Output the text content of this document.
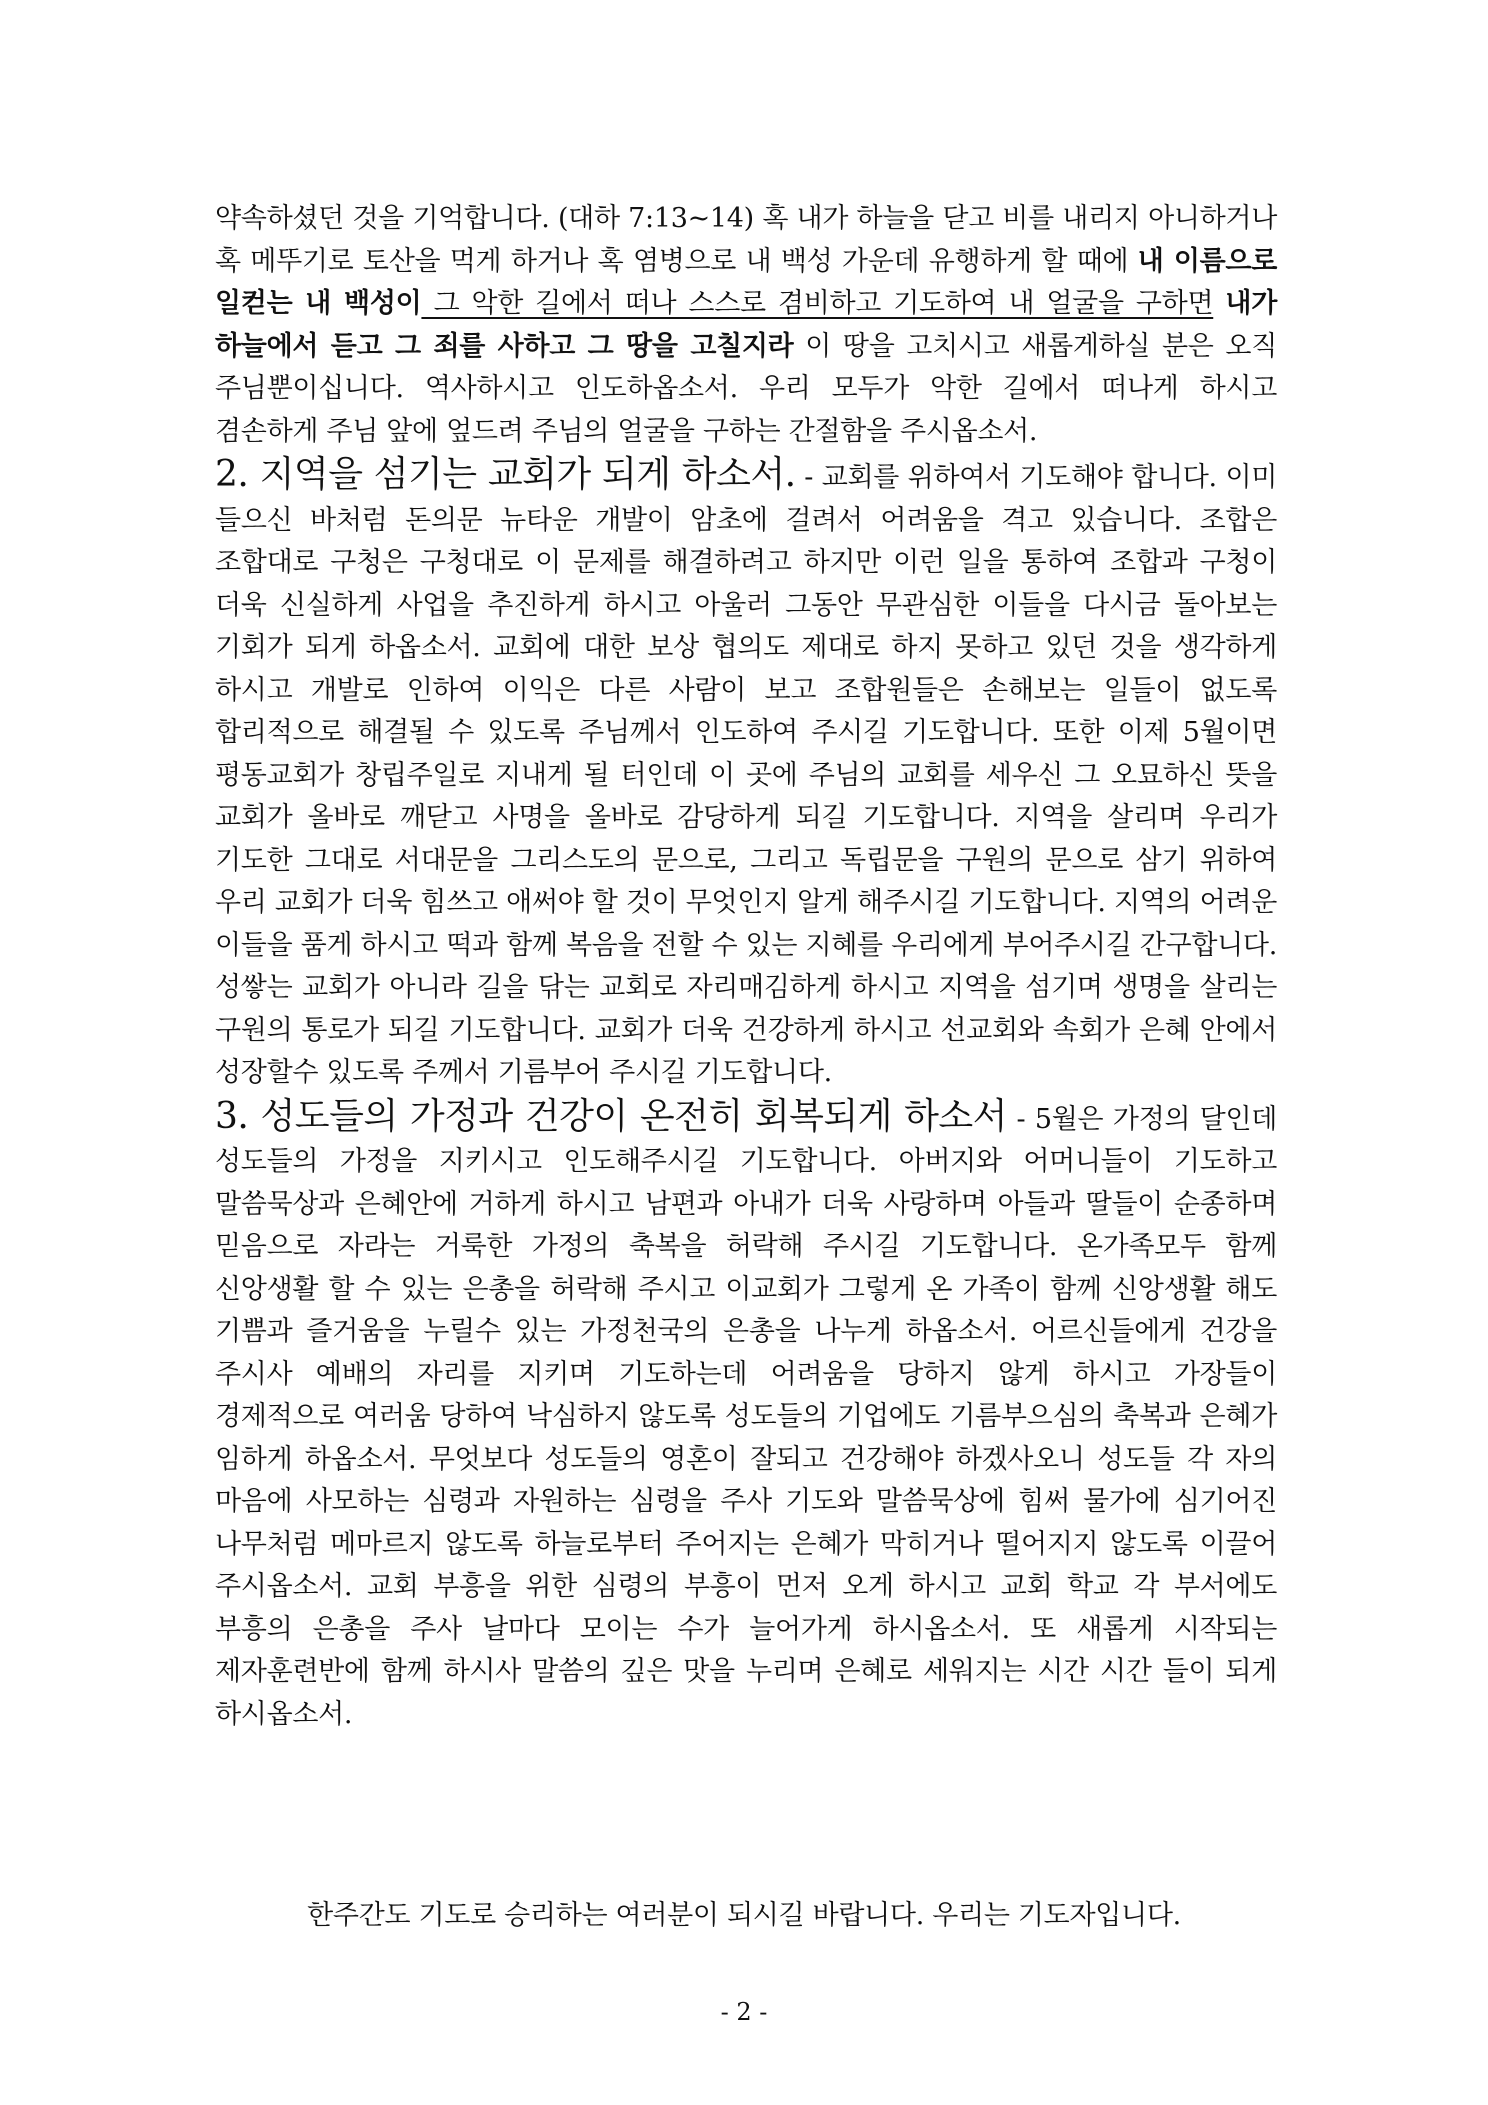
약속하셨던 것을 기억합니다. (대하 7:13~14) 혹 내가 하늘을 닫고 비를 내리지 아니하거나 혹 메뚜기로 토산을 먹게 하거나 혹 염병으로 내 백성 가운데 유행하게 할 때에 내 이름으로 일컫는 내 백성이 그 악한 길에서 떠나 스스로 겸비하고 기도하여 내 얼굴을 구하면 내가 하늘에서 듣고 그 죄를 사하고 그 땅을 고칠지라 이 땅을 고치시고 새롭게하실 분은 오직 주님뿐이십니다. 역사하시고 인도하옵소서. 우리 모두가 악한 길에서 떠나게 하시고 겸손하게 주님 앞에 엎드려 주님의 얼굴을 구하는 간절함을 주시옵소서.

2. 지역을 섬기는 교회가 되게 하소서. - 교회를 위하여서 기도해야 합니다. 이미 들으신 바처럼 돈의문 뉴타운 개발이 암초에 걸려서 어려움을 격고 있습니다. 조합은 조합대로 구청은 구청대로 이 문제를 해결하려고 하지만 이런 일을 통하여 조합과 구청이 더욱 신실하게 사업을 추진하게 하시고 아울러 그동안 무관심한 이들을 다시금 돌아보는 기회가 되게 하옵소서. 교회에 대한 보상 협의도 제대로 하지 못하고 있던 것을 생각하게 하시고 개발로 인하여 이익은 다른 사람이 보고 조합원들은 손해보는 일들이 없도록 합리적으로 해결될 수 있도록 주님께서 인도하여 주시길 기도합니다. 또한 이제 5월이면 평동교회가 창립주일로 지내게 될 터인데 이 곳에 주님의 교회를 세우신 그 오묘하신 뜻을 교회가 올바로 깨닫고 사명을 올바로 감당하게 되길 기도합니다. 지역을 살리며 우리가 기도한 그대로 서대문을 그리스도의 문으로, 그리고 독립문을 구원의 문으로 삼기 위하여 우리 교회가 더욱 힘쓰고 애써야 할 것이 무엇인지 알게 해주시길 기도합니다. 지역의 어려운 이들을 품게 하시고 떡과 함께 복음을 전할 수 있는 지혜를 우리에게 부어주시길 간구합니다. 성쌓는 교회가 아니라 길을 닦는 교회로 자리매김하게 하시고 지역을 섬기며 생명을 살리는 구원의 통로가 되길 기도합니다. 교회가 더욱 건강하게 하시고 선교회와 속회가 은혜 안에서 성장할수 있도록 주께서 기름부어 주시길 기도합니다.

3. 성도들의 가정과 건강이 온전히 회복되게 하소서 - 5월은 가정의 달인데 성도들의 가정을 지키시고 인도해주시길 기도합니다. 아버지와 어머니들이 기도하고 말씀묵상과 은혜안에 거하게 하시고 남편과 아내가 더욱 사랑하며 아들과 딸들이 순종하며 믿음으로 자라는 거룩한 가정의 축복을 허락해 주시길 기도합니다. 온가족모두 함께 신앙생활 할 수 있는 은총을 허락해 주시고 이교회가 그렇게 온 가족이 함께 신앙생활 해도 기쁨과 즐거움을 누릴수 있는 가정천국의 은총을 나누게 하옵소서. 어르신들에게 건강을 주시사 예배의 자리를 지키며 기도하는데 어려움을 당하지 않게 하시고 가장들이 경제적으로 여러움 당하여 낙심하지 않도록 성도들의 기업에도 기름부으심의 축복과 은혜가 임하게 하옵소서. 무엇보다 성도들의 영혼이 잘되고 건강해야 하겠사오니 성도들 각 자의 마음에 사모하는 심령과 자원하는 심령을 주사 기도와 말씀묵상에 힘써 물가에 심기어진 나무처럼 메마르지 않도록 하늘로부터 주어지는 은혜가 막히거나 떨어지지 않도록 이끌어 주시옵소서. 교회 부흥을 위한 심령의 부흥이 먼저 오게 하시고 교회 학교 각 부서에도 부흥의 은총을 주사 날마다 모이는 수가 늘어가게 하시옵소서. 또 새롭게 시작되는 제자훈련반에 함께 하시사 말씀의 깊은 맛을 누리며 은혜로 세워지는 시간 시간 들이 되게 하시옵소서.

한주간도 기도로 승리하는 여러분이 되시길 바랍니다. 우리는 기도자입니다.
- 2 -
